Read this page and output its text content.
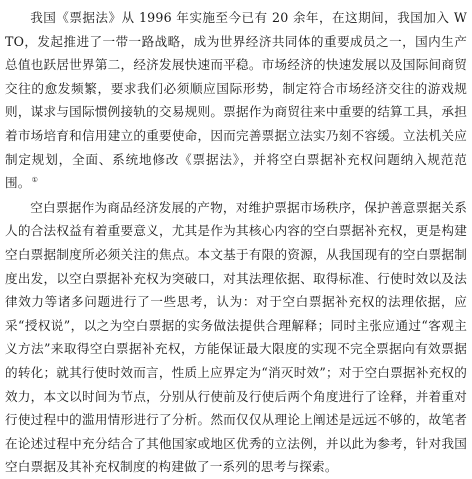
我国《票据法》从 1996 年实施至今已有 20 余年，在这期间，我国加入 WTO，发起推进了一带一路战略，成为世界经济共同体的重要成员之一，国内生产总值也跃居世界第二，经济发展快速而平稳。市场经济的快速发展以及国际间商贸交往的愈发频繁，要求我们必须顺应国际形势，制定符合市场经济交往的游戏规则，谋求与国际惯例接轨的交易规则。票据作为商贸往来中重要的结算工具，承担着市场培育和信用建立的重要使命，因而完善票据立法实乃刻不容缓。立法机关应制定规划，全面、系统地修改《票据法》，并将空白票据补充权问题纳入规范范围。①

空白票据作为商品经济发展的产物，对维护票据市场秩序，保护善意票据关系人的合法权益有着重要意义，尤其是作为其核心内容的空白票据补充权，更是构建空白票据制度所必须关注的焦点。本文基于有限的资源，从我国现有的空白票据制度出发，以空白票据补充权为突破口，对其法理依据、取得标准、行使时效以及法律效力等诸多问题进行了一些思考，认为：对于空白票据补充权的法理依据，应采“授权说”，以之为空白票据的实务做法提供合理解释；同时主张应通过“客观主义方法”来取得空白票据补充权，方能保证最大限度的实现不完全票据向有效票据的转化；就其行使时效而言，性质上应界定为“消灭时效”；对于空白票据补充权的效力，本文以时间为节点，分别从行使前及行使后两个角度进行了诠释，并着重对行使过程中的滥用情形进行了分析。然而仅仅从理论上阐述是远远不够的，故笔者在论述过程中充分结合了其他国家或地区优秀的立法例，并以此为参考，针对我国空白票据及其补充权制度的构建做了一系列的思考与探索。
